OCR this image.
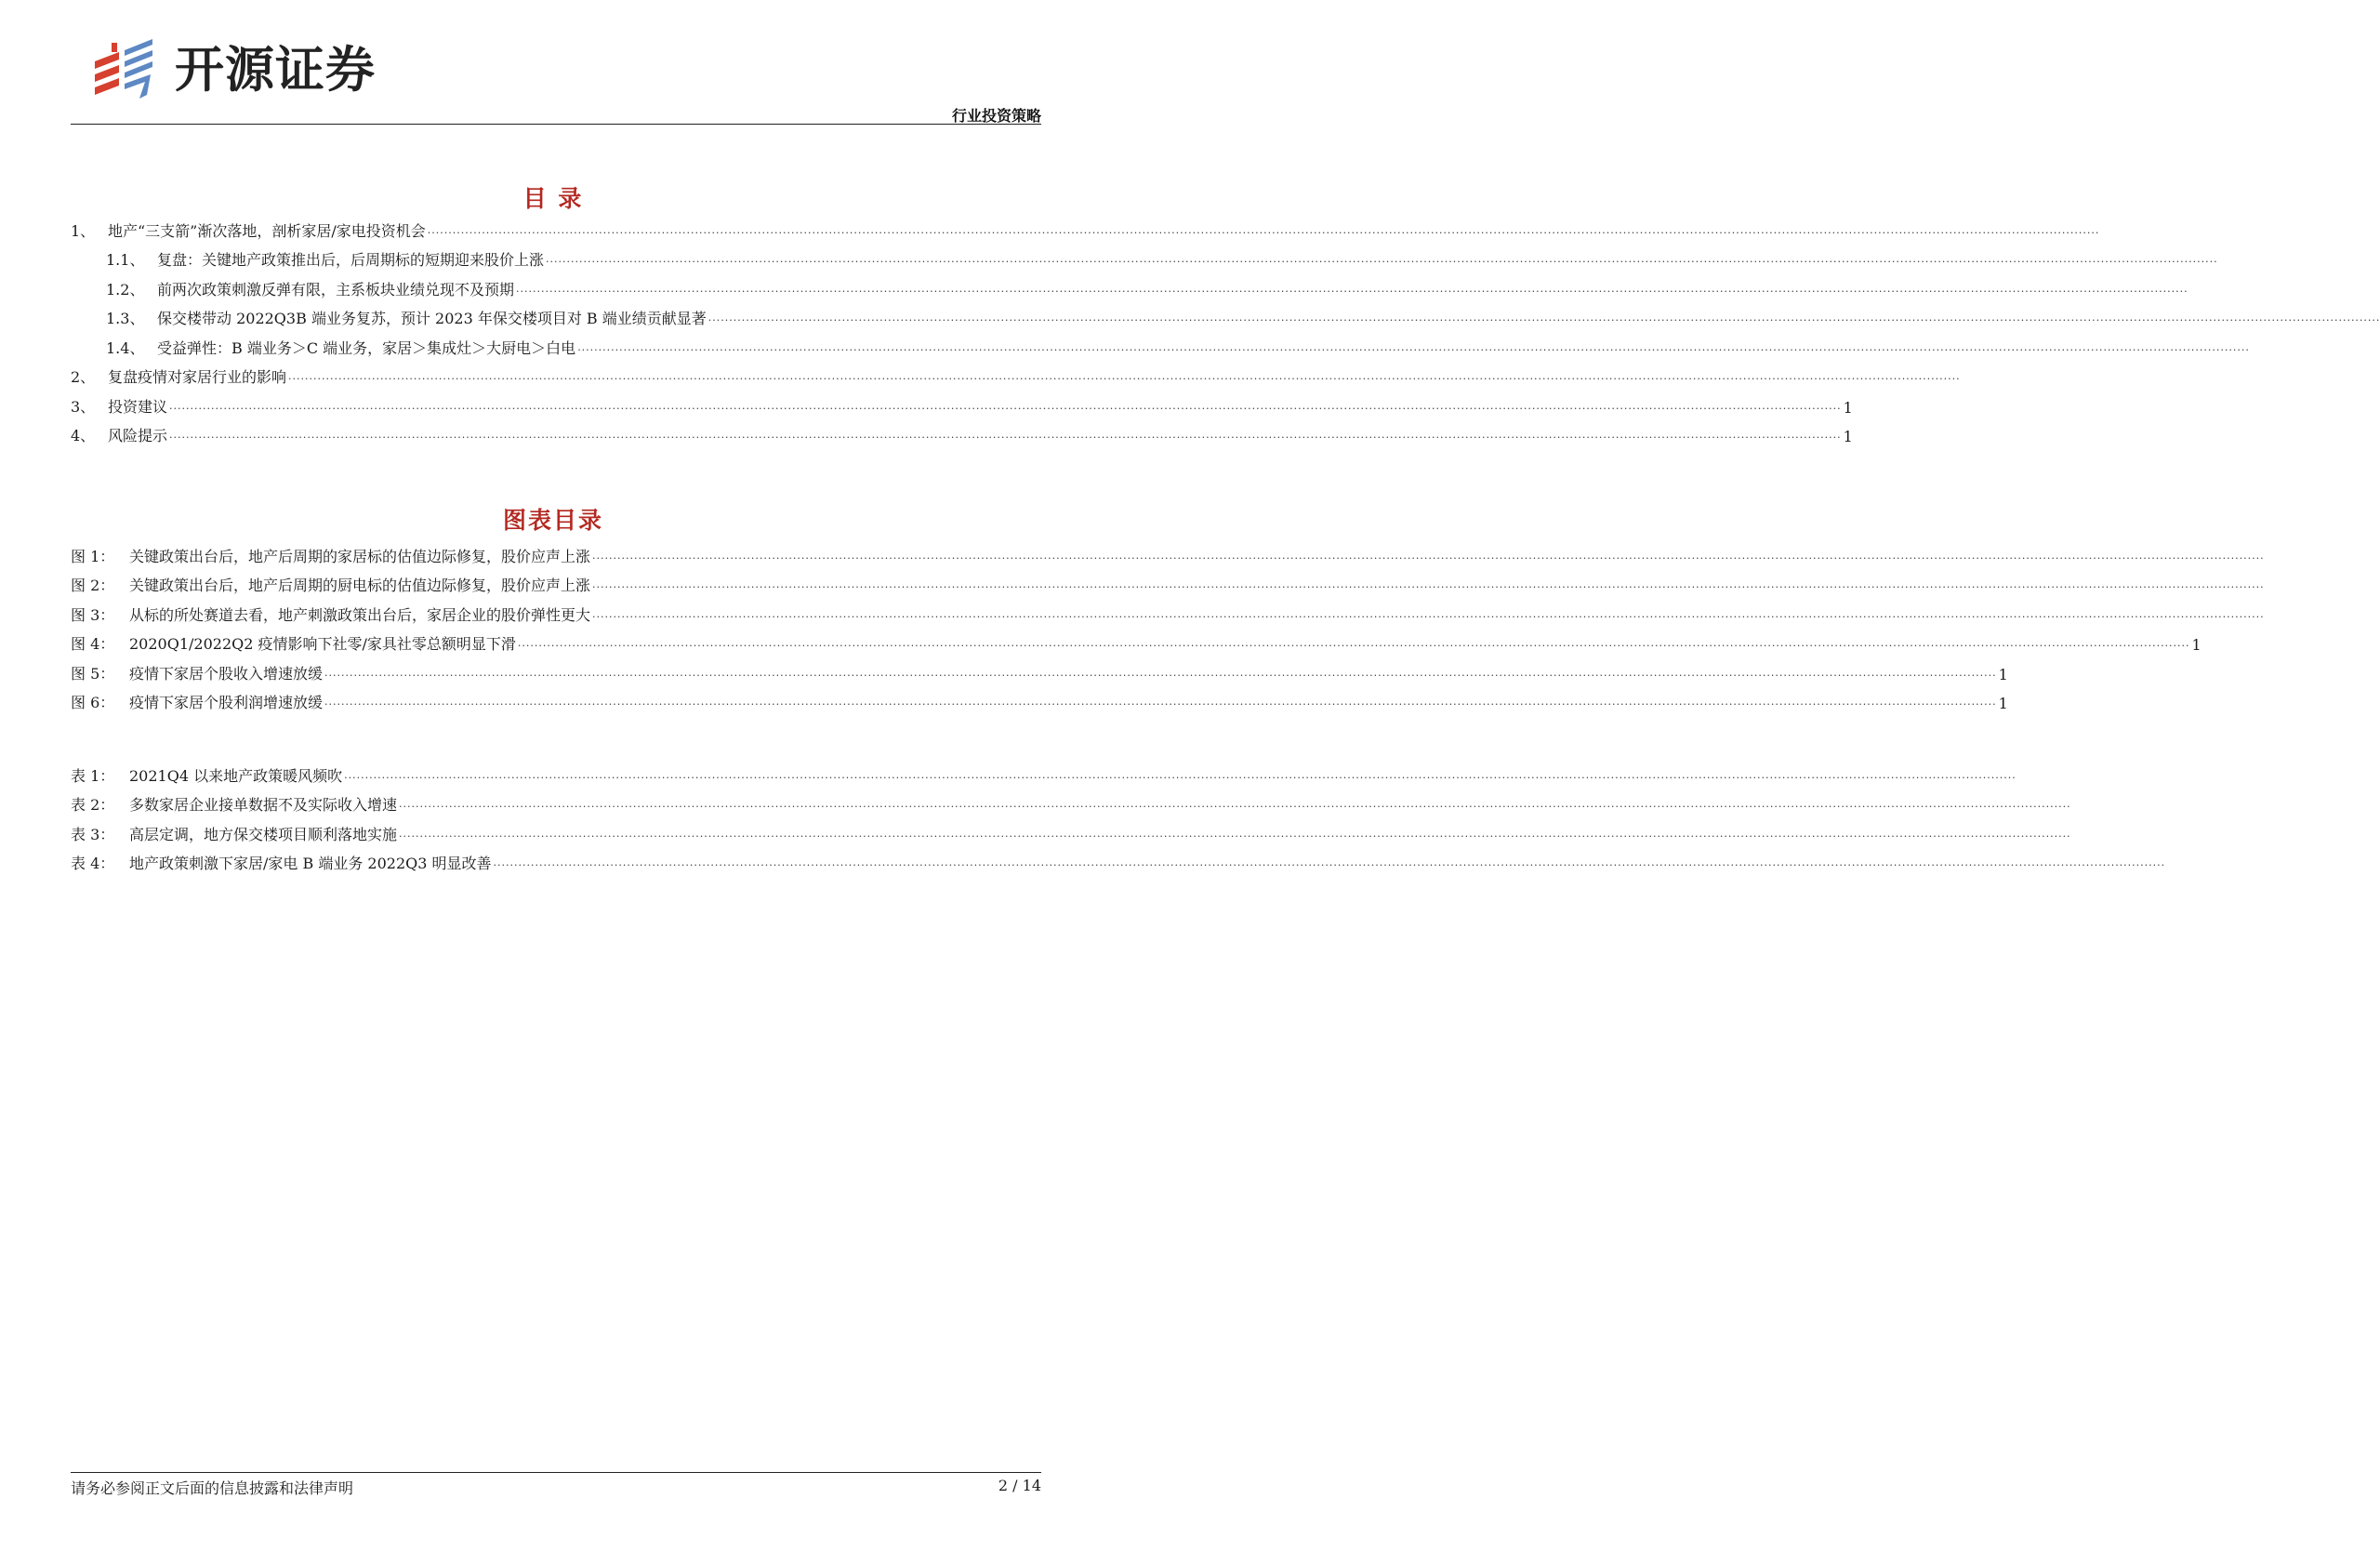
开源证券
行业投资策略
目 录
1、 地产“三支箭”渐次落地，剖析家居/家电投资机会 ................................................................................................................................................................................................................................................................................................................................................................................................................
1.1、 复盘：关键地产政策推出后，后周期标的短期迎来股价上涨 ................................................................................................................................................................................................................................................................................................................................................................................................................
1.2、 前两次政策刺激反弹有限，主系板块业绩兑现不及预期 ................................................................................................................................................................................................................................................................................................................................................................................................................
1.3、 保交楼带动 2022Q3B 端业务复苏，预计 2023 年保交楼项目对 B 端业绩贡献显著 ................................................................................................................................................................................................................................................................................................................................................................................................................
1.4、 受益弹性：B 端业务＞C 端业务，家居＞集成灶＞大厨电＞白电 ................................................................................................................................................................................................................................................................................................................................................................................................................
2、 复盘疫情对家居行业的影响 ................................................................................................................................................................................................................................................................................................................................................................................................................
3、 投资建议 ................................................................................................................................................................................................................................................................................................................................................................................................................ 1
4、 风险提示 ................................................................................................................................................................................................................................................................................................................................................................................................................ 1
图表目录
图 1： 关键政策出台后，地产后周期的家居标的估值边际修复，股价应声上涨 ................................................................................................................................................................................................................................................................................................................................................................................................................
图 2： 关键政策出台后，地产后周期的厨电标的估值边际修复，股价应声上涨 ................................................................................................................................................................................................................................................................................................................................................................................................................
图 3： 从标的所处赛道去看，地产刺激政策出台后，家居企业的股价弹性更大 ................................................................................................................................................................................................................................................................................................................................................................................................................
图 4： 2020Q1/2022Q2 疫情影响下社零/家具社零总额明显下滑 ................................................................................................................................................................................................................................................................................................................................................................................................................ 1
图 5： 疫情下家居个股收入增速放缓 ................................................................................................................................................................................................................................................................................................................................................................................................................ 1
图 6： 疫情下家居个股利润增速放缓 ................................................................................................................................................................................................................................................................................................................................................................................................................ 1
表 1： 2021Q4 以来地产政策暖风频吹 ................................................................................................................................................................................................................................................................................................................................................................................................................
表 2： 多数家居企业接单数据不及实际收入增速 ................................................................................................................................................................................................................................................................................................................................................................................................................
表 3： 高层定调，地方保交楼项目顺利落地实施 ................................................................................................................................................................................................................................................................................................................................................................................................................
表 4： 地产政策刺激下家居/家电 B 端业务 2022Q3 明显改善 ................................................................................................................................................................................................................................................................................................................................................................................................................
请务必参阅正文后面的信息披露和法律声明	2 / 14
